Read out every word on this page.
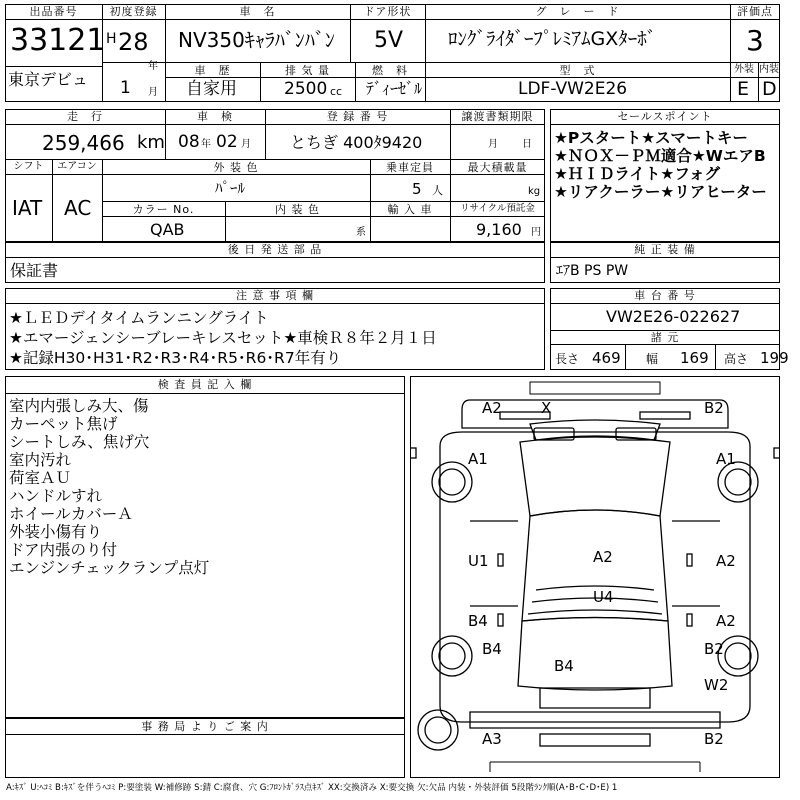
出品番号
33121
東京デビュ
初度登録
H 28
年
1 月
車　名
NV350ｷｬﾗﾊﾞﾝﾊﾞﾝ
ドア形状
5V
グ　レ　ー　ド
ﾛﾝｸﾞﾗｲﾀﾞｰﾌﾟﾚﾐｱﾑGXﾀｰﾎﾞ
評価点
3
外装 内装
E D
車　歴
自家用
排 気 量
2500 cc
燃　料
ﾃﾞｨｰｾﾞﾙ
型　式
LDF-VW2E26
走　行
259,466 km
車　検
08 年 02 月
登 録 番 号
とちぎ 400ﾀ9420
譲渡書類期限
月 日
シフト
IAT
エアコン
AC
外 装 色
ﾊﾟｰﾙ
乗車定員
5 人
最大積載量
kg
カラー No.
QAB
内 装 色
系
輸 入 車	リサイクル預託金
9,160 円
セールスポイント
★Pスタート★スマートキー
★ＮＯＸ－ＰＭ適合★WエアB
★ＨＩＤライト★フォグ
★リアクーラー★リアヒーター
後 日 発 送 部 品
保証書
純 正 装 備
ｴｱB PS PW
注 意 事 項 欄
★ＬＥＤデイタイムランニングライト
★エマージェンシーブレーキレスセット★車検Ｒ８年２月１日
★記録H30･H31･R2･R3･R4･R5･R6･R7年有り
車 台 番 号
VW2E26-022627
諸 元
長さ 469 幅 169 高さ 199
検 査 員 記 入 欄
室内内張しみ大、傷
カーペット焦げ
シートしみ、焦げ穴
室内汚れ
荷室ＡＵ
ハンドルすれ
ホイールカバーＡ
外装小傷有り
ドア内張のり付
エンジンチェックランプ点灯
事 務 局 よ り ご 案 内
A2	X	B2
A1	A1
U1	A2	A2
U4
B4	A2
B4	B2
B4
W2
A3	B2
A:ｷｽﾞ U:ﾍｺﾐ B:ｷｽﾞを伴うﾍｺﾐ P:要塗装 W:補修跡 S:錆 C:腐食、穴 G:ﾌﾛﾝﾄｶﾞﾗｽ点ｷｽﾞ XX:交換済み X:要交換 欠:欠品 内装・外装評価 5段階ﾗﾝｸ順(A･B･C･D･E) 1
